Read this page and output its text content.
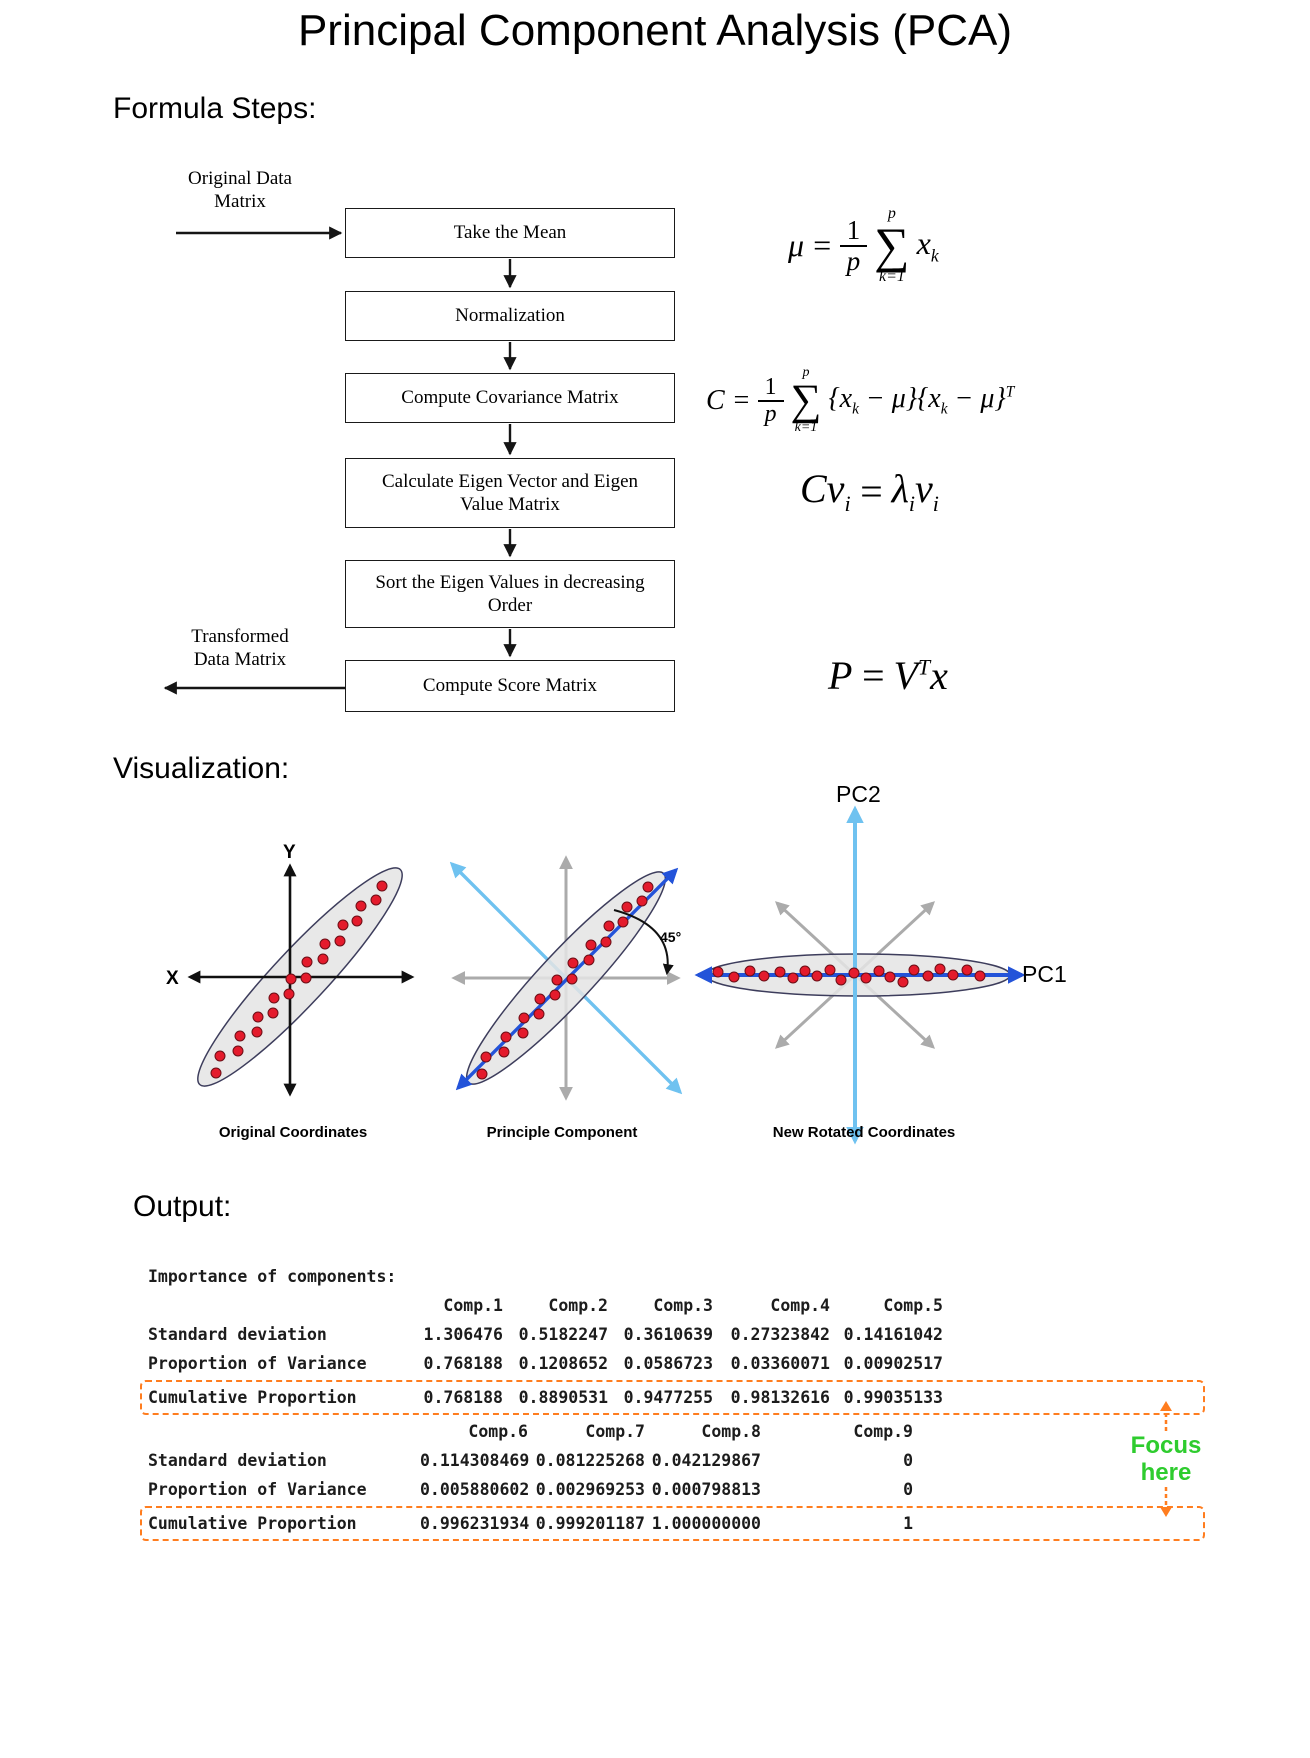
Principal Component Analysis (PCA)
Formula Steps:
Original Data Matrix
Transformed Data Matrix
Take the Mean
Normalization
Compute Covariance Matrix
Calculate Eigen Vector and Eigen Value Matrix
Sort the Eigen Values in decreasing Order
Compute Score Matrix
$\mu = \frac{1}{p}$
p
∑
k=1
$x_k$
$C = \frac{1}{p}$
p
∑
k=1
$\{x_k - \mu\}\{x_k - \mu\}^T$
$Cv_i = \lambda_iv_i$
$P = V^Tx$
Visualization:
Y
X
45°
PC2
PC1
Original Coordinates	Principle Component	New Rotated Coordinates
Output:
Importance of components:
Comp.1	Comp.2	Comp.3	Comp.4	Comp.5
Standard deviation	1.306476 0.5182247 0.3610639	0.27323842 0.14161042
Proportion of Variance	0.768188 0.1208652 0.0586723	0.03360071 0.00902517
Cumulative Proportion	0.768188 0.8890531 0.9477255	0.98132616 0.99035133
Comp.6	Comp.7	Comp.8	Comp.9
Standard deviation	0.114308469 0.081225268 0.042129867	0
Proportion of Variance	0.005880602 0.002969253 0.000798813	0
Cumulative Proportion	0.996231934 0.999201187 1.000000000	1
Focus
here
